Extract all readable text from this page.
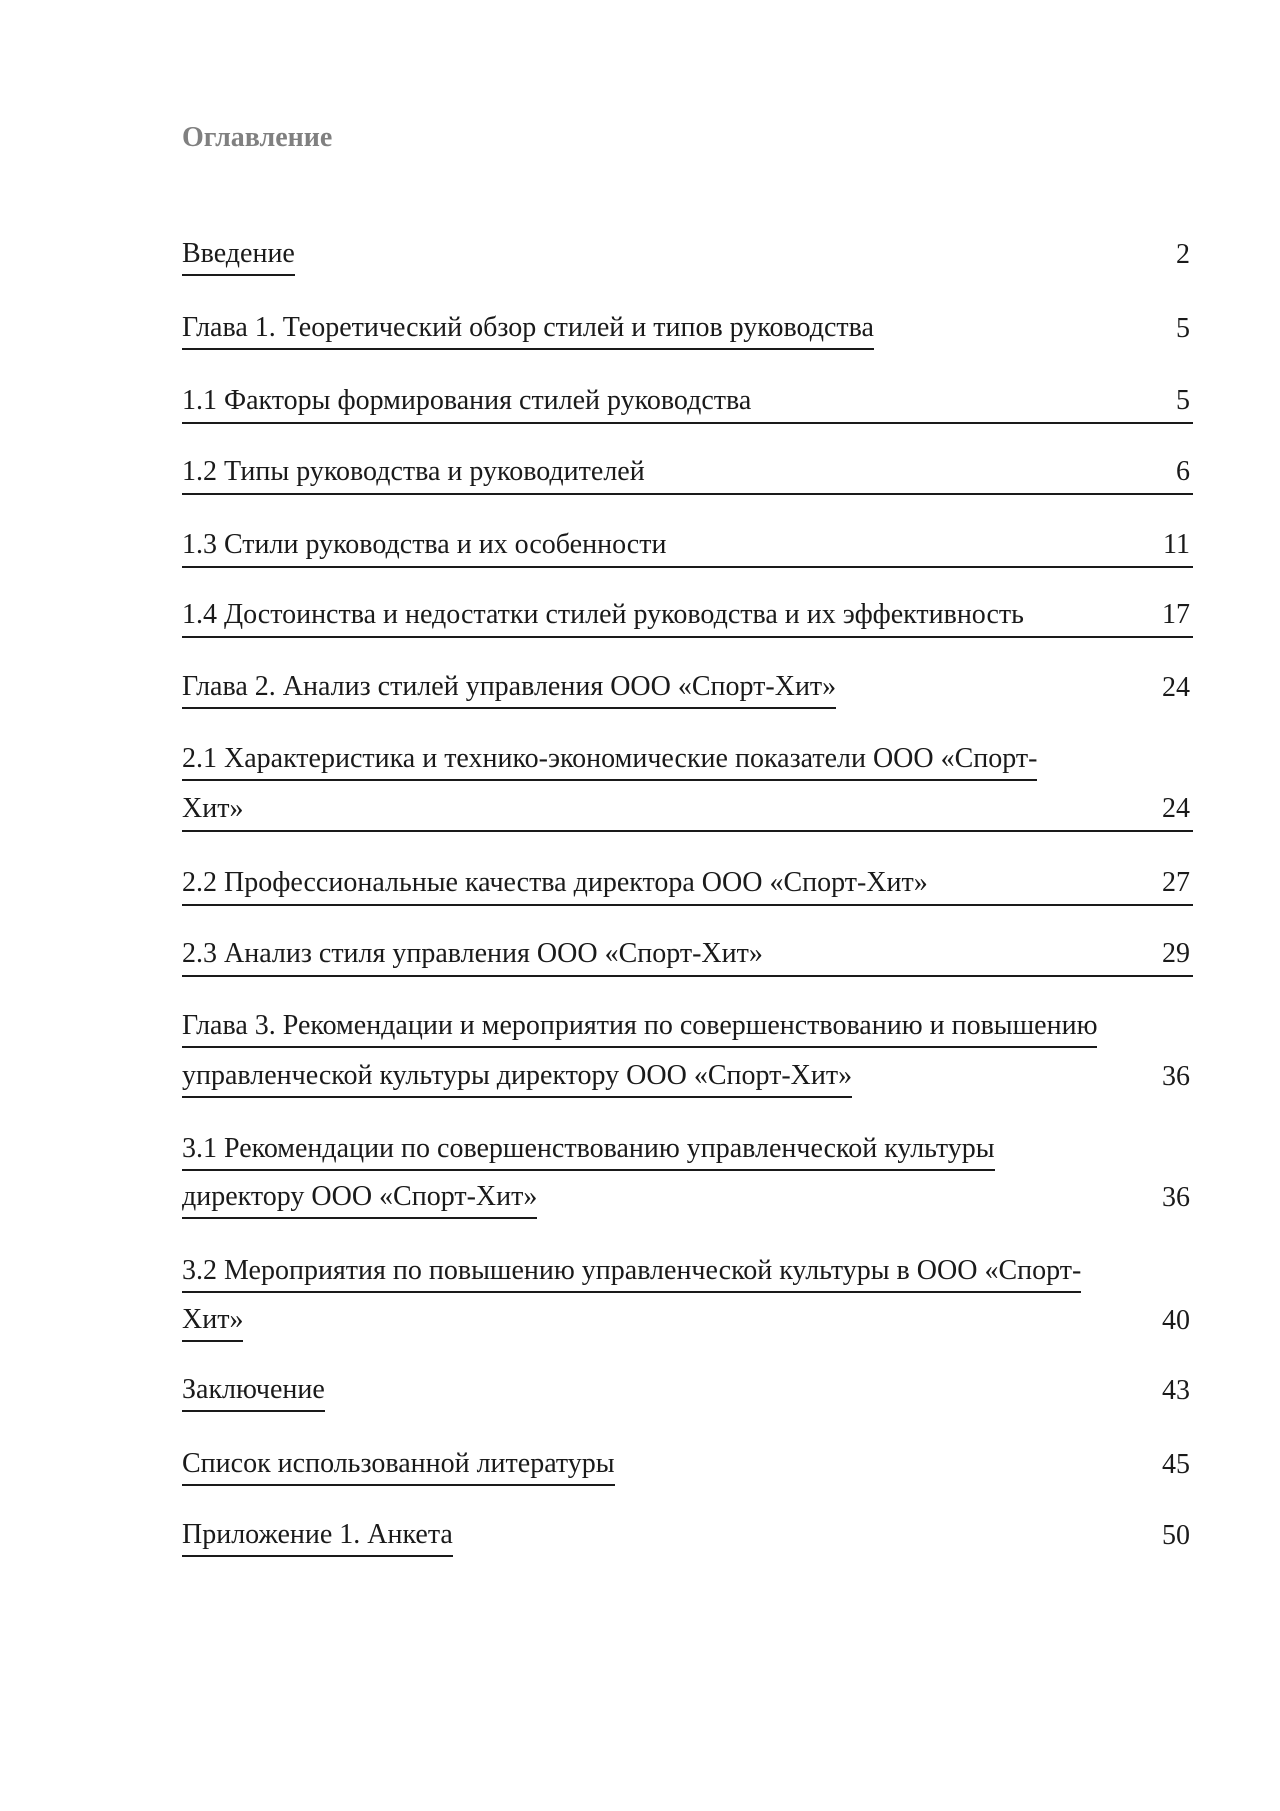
Оглавление
Введение	2
Глава 1. Теоретический обзор стилей и типов руководства	5
1.1 Факторы формирования стилей руководства	5
1.2 Типы руководства и руководителей	6
1.3 Стили руководства и их особенности	11
1.4 Достоинства и недостатки стилей руководства и их эффективность	17
Глава 2. Анализ стилей управления ООО «Спорт-Хит»	24
2.1 Характеристика и технико-экономические показатели ООО «Спорт-
Хит»	24
2.2 Профессиональные качества директора ООО «Спорт-Хит»	27
2.3 Анализ стиля управления ООО «Спорт-Хит»	29
Глава 3. Рекомендации и мероприятия по совершенствованию и повышению
управленческой культуры директору ООО «Спорт-Хит»	36
3.1 Рекомендации по совершенствованию управленческой культуры
директору ООО «Спорт-Хит»	36
3.2 Мероприятия по повышению управленческой культуры в ООО «Спорт-
Хит»	40
Заключение	43
Список использованной литературы	45
Приложение 1. Анкета	50
